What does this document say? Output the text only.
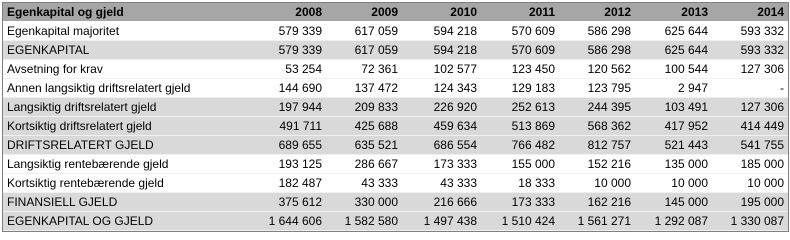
Egenkapital og gjeld	2008	2009	2010	2011	2012	2013	2014
Egenkapital majoritet	579 339	617 059	594 218	570 609	586 298	625 644	593 332
EGENKAPITAL	579 339	617 059	594 218	570 609	586 298	625 644	593 332
Avsetning for krav	53 254	72 361	102 577	123 450	120 562	100 544	127 306
Annen langsiktig driftsrelatert gjeld	144 690	137 472	124 343	129 183	123 795	2 947	-
Langsiktig driftsrelatert gjeld	197 944	209 833	226 920	252 613	244 395	103 491	127 306
Kortsiktig driftsrelatert gjeld	491 711	425 688	459 634	513 869	568 362	417 952	414 449
DRIFTSRELATERT GJELD	689 655	635 521	686 554	766 482	812 757	521 443	541 755
Langsiktig rentebærende gjeld	193 125	286 667	173 333	155 000	152 216	135 000	185 000
Kortsiktig rentebærende gjeld	182 487	43 333	43 333	18 333	10 000	10 000	10 000
FINANSIELL GJELD	375 612	330 000	216 666	173 333	162 216	145 000	195 000
EGENKAPITAL OG GJELD	1 644 606	1 582 580	1 497 438	1 510 424	1 561 271	1 292 087	1 330 087
